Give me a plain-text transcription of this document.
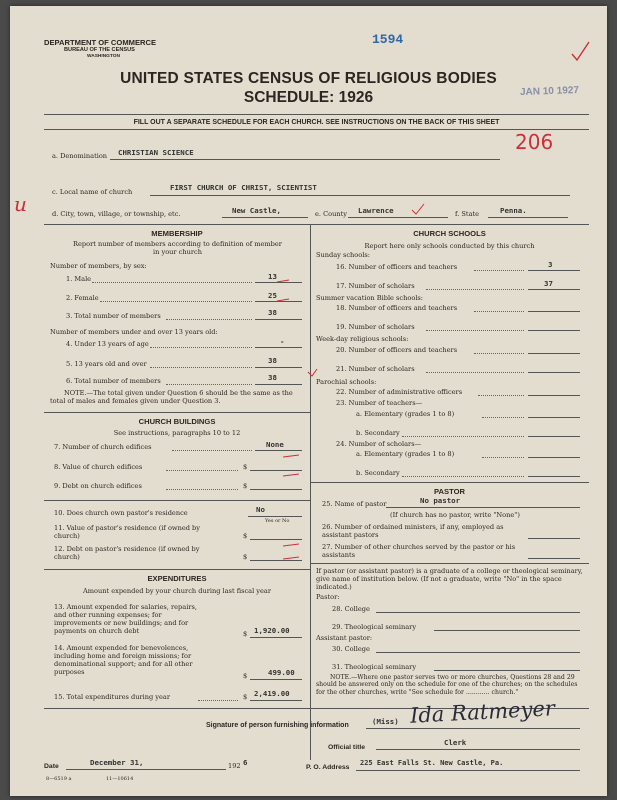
DEPARTMENT OF COMMERCE
BUREAU OF THE CENSUS
WASHINGTON
1594
JAN 10 1927
UNITED STATES CENSUS OF RELIGIOUS BODIES
SCHEDULE: 1926
FILL OUT A SEPARATE SCHEDULE FOR EACH CHURCH. SEE INSTRUCTIONS ON THE BACK OF THIS SHEET
206
u
a. Denomination CHRISTIAN SCIENCE
c. Local name of church	FIRST CHURCH OF CHRIST, SCIENTIST
d. City, town, village, or township, etc.	New Castle,	e. County Lawrence	f. State	Penna.
MEMBERSHIP
Report number of members according to definition of member in your church
Number of members, by sex:
1. Male	13
2. Female	25
3. Total number of members	38
Number of members under and over 13 years old:
4. Under 13 years of age	-
5. 13 years old and over	38
6. Total number of members	38
NOTE.—The total given under Question 6 should be the same as the total of males and females given under Question 3.
CHURCH BUILDINGS
See instructions, paragraphs 10 to 12
7. Number of church edifices	None
8. Value of church edifices	$
9. Debt on church edifices	$
10. Does church own pastor's residence	No
Yes or No
11. Value of pastor's residence (if owned by church)	$
12. Debt on pastor's residence (if owned by church)	$
EXPENDITURES
Amount expended by your church during last fiscal year
13. Amount expended for salaries, repairs, and other running expenses; for improvements or new buildings; and for payments on church debt	$ 1,920.00
14. Amount expended for benevolences, including home and foreign missions; for denominational support; and for all other purposes	$	499.00
15. Total expenditures during year	$ 2,419.00
CHURCH SCHOOLS
Report here only schools conducted by this church
Sunday schools:
16. Number of officers and teachers	3
17. Number of scholars	37
Summer vacation Bible schools:
18. Number of officers and teachers
19. Number of scholars
Week-day religious schools:
20. Number of officers and teachers
21. Number of scholars
Parochial schools:
22. Number of administrative officers
23. Number of teachers—
a. Elementary (grades 1 to 8)
b. Secondary
24. Number of scholars—
a. Elementary (grades 1 to 8)
b. Secondary
PASTOR
25. Name of pastor	No pastor
(If church has no pastor, write "None")
26. Number of ordained ministers, if any, employed as assistant pastors
27. Number of other churches served by the pastor or his assistants
If pastor (or assistant pastor) is a graduate of a college or theological seminary, give name of institution below. (If not a graduate, write "No" in the space indicated.)
Pastor:
28. College
29. Theological seminary
Assistant pastor:
30. College
31. Theological seminary
NOTE.—Where one pastor serves two or more churches, Questions 28 and 29 should be answered only on the schedule for one of the churches; on the schedules for the other churches, write "See schedule for ............ church."
Signature of person furnishing information	(Miss) Ida Ratmeyer
Official title
Clerk
Date	December 31,	192 6
P. O. Address
225 East Falls St. New Castle, Pa.
8—6519 a	11—10614
